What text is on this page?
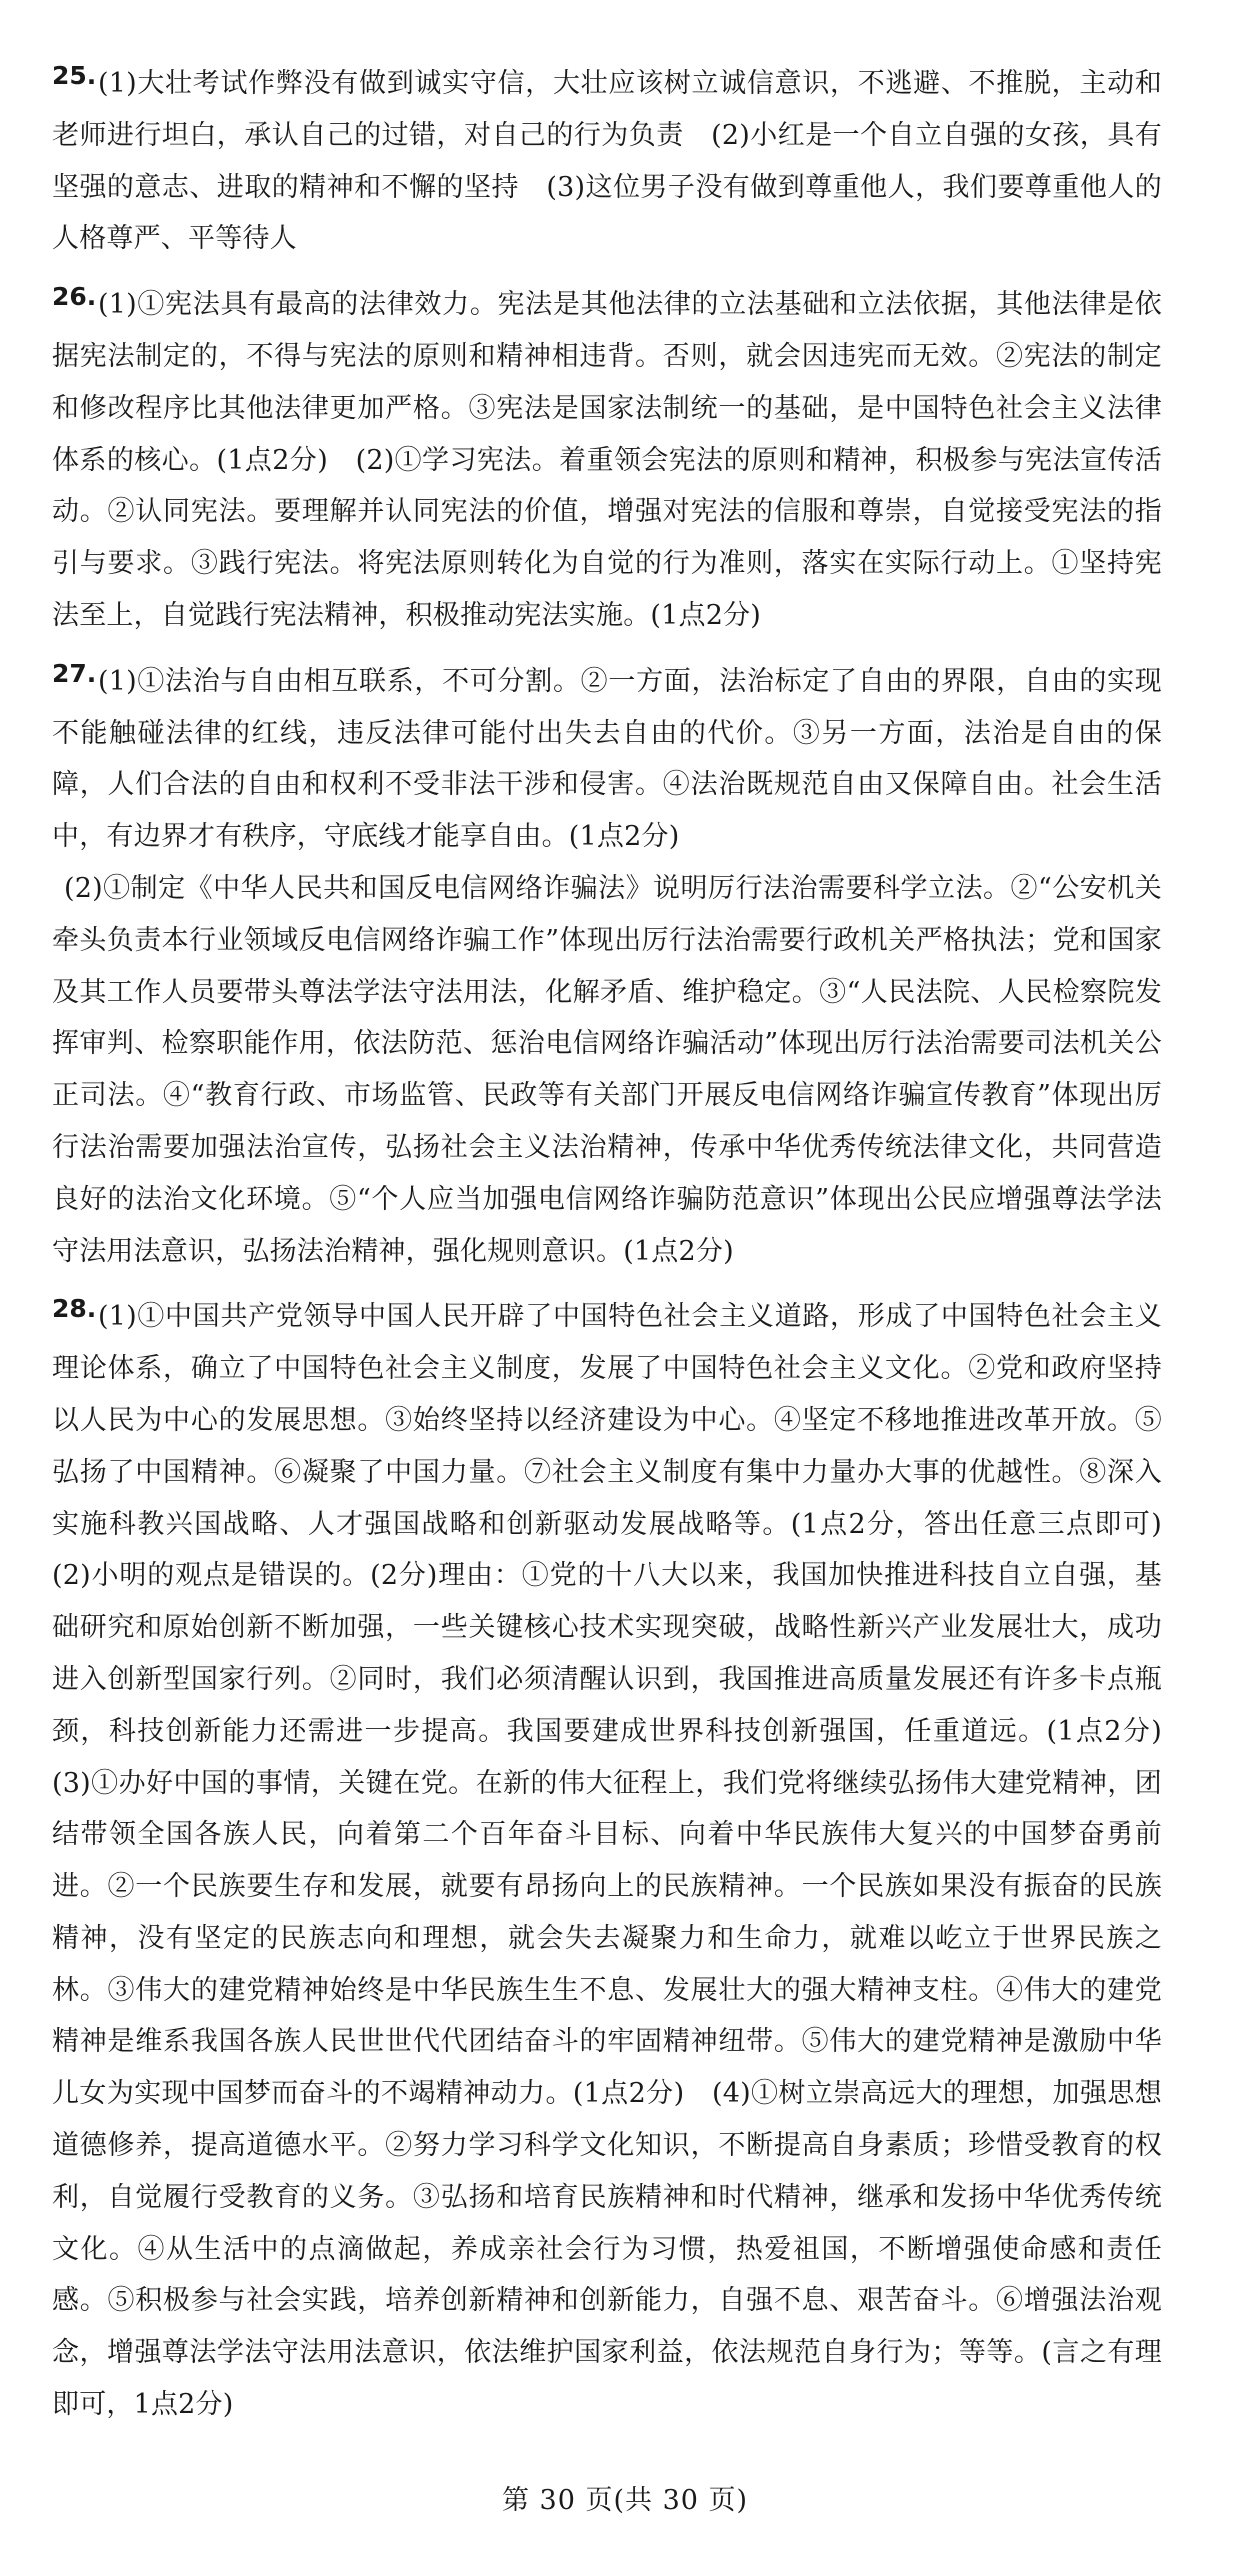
25. (1)大壮考试作弊没有做到诚实守信，大壮应该树立诚信意识，不逃避、不推脱，主动和老师进行坦白，承认自己的过错，对自己的行为负责　(2)小红是一个自立自强的女孩，具有坚强的意志、进取的精神和不懈的坚持　(3)这位男子没有做到尊重他人，我们要尊重他人的人格尊严、平等待人

26. (1)①宪法具有最高的法律效力。宪法是其他法律的立法基础和立法依据，其他法律是依据宪法制定的，不得与宪法的原则和精神相违背。否则，就会因违宪而无效。②宪法的制定和修改程序比其他法律更加严格。③宪法是国家法制统一的基础，是中国特色社会主义法律体系的核心。(1点2分)　(2)①学习宪法。着重领会宪法的原则和精神，积极参与宪法宣传活动。②认同宪法。要理解并认同宪法的价值，增强对宪法的信服和尊崇，自觉接受宪法的指引与要求。③践行宪法。将宪法原则转化为自觉的行为准则，落实在实际行动上。①坚持宪法至上，自觉践行宪法精神，积极推动宪法实施。(1点2分)

27. (1)①法治与自由相互联系，不可分割。②一方面，法治标定了自由的界限，自由的实现不能触碰法律的红线，违反法律可能付出失去自由的代价。③另一方面，法治是自由的保障，人们合法的自由和权利不受非法干涉和侵害。④法治既规范自由又保障自由。社会生活中，有边界才有秩序，守底线才能享自由。(1点2分)

(2)①制定《中华人民共和国反电信网络诈骗法》说明厉行法治需要科学立法。②“公安机关牵头负责本行业领域反电信网络诈骗工作”体现出厉行法治需要行政机关严格执法；党和国家及其工作人员要带头尊法学法守法用法，化解矛盾、维护稳定。③“人民法院、人民检察院发挥审判、检察职能作用，依法防范、惩治电信网络诈骗活动”体现出厉行法治需要司法机关公正司法。④“教育行政、市场监管、民政等有关部门开展反电信网络诈骗宣传教育”体现出厉行法治需要加强法治宣传，弘扬社会主义法治精神，传承中华优秀传统法律文化，共同营造良好的法治文化环境。⑤“个人应当加强电信网络诈骗防范意识”体现出公民应增强尊法学法守法用法意识，弘扬法治精神，强化规则意识。(1点2分)

28. (1)①中国共产党领导中国人民开辟了中国特色社会主义道路，形成了中国特色社会主义理论体系，确立了中国特色社会主义制度，发展了中国特色社会主义文化。②党和政府坚持以人民为中心的发展思想。③始终坚持以经济建设为中心。④坚定不移地推进改革开放。⑤弘扬了中国精神。⑥凝聚了中国力量。⑦社会主义制度有集中力量办大事的优越性。⑧深入实施科教兴国战略、人才强国战略和创新驱动发展战略等。(1点2分，答出任意三点即可)　(2)小明的观点是错误的。(2分)理由：①党的十八大以来，我国加快推进科技自立自强，基础研究和原始创新不断加强，一些关键核心技术实现突破，战略性新兴产业发展壮大，成功进入创新型国家行列。②同时，我们必须清醒认识到，我国推进高质量发展还有许多卡点瓶颈，科技创新能力还需进一步提高。我国要建成世界科技创新强国，任重道远。(1点2分)　(3)①办好中国的事情，关键在党。在新的伟大征程上，我们党将继续弘扬伟大建党精神，团结带领全国各族人民，向着第二个百年奋斗目标、向着中华民族伟大复兴的中国梦奋勇前进。②一个民族要生存和发展，就要有昂扬向上的民族精神。一个民族如果没有振奋的民族精神，没有坚定的民族志向和理想，就会失去凝聚力和生命力，就难以屹立于世界民族之林。③伟大的建党精神始终是中华民族生生不息、发展壮大的强大精神支柱。④伟大的建党精神是维系我国各族人民世世代代团结奋斗的牢固精神纽带。⑤伟大的建党精神是激励中华儿女为实现中国梦而奋斗的不竭精神动力。(1点2分)　(4)①树立崇高远大的理想，加强思想道德修养，提高道德水平。②努力学习科学文化知识，不断提高自身素质；珍惜受教育的权利，自觉履行受教育的义务。③弘扬和培育民族精神和时代精神，继承和发扬中华优秀传统文化。④从生活中的点滴做起，养成亲社会行为习惯，热爱祖国，不断增强使命感和责任感。⑤积极参与社会实践，培养创新精神和创新能力，自强不息、艰苦奋斗。⑥增强法治观念，增强尊法学法守法用法意识，依法维护国家利益，依法规范自身行为；等等。(言之有理即可，1点2分)

第 30 页(共 30 页)
